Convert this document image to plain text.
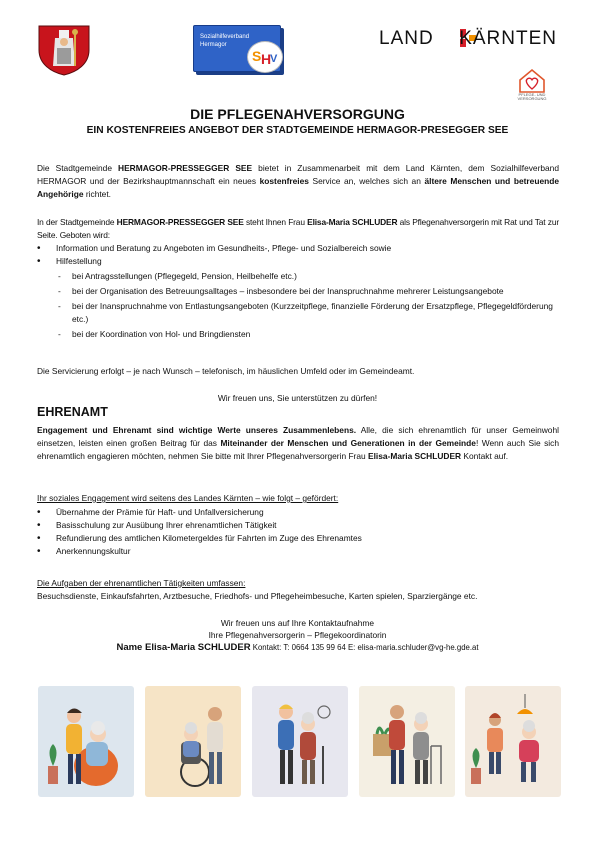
Sozialhilfeverband
Hermagor
S H
V
LAND KÄRNTEN
PFLEGE- UND VERSORGUNG
DIE PFLEGENAHVERSORGUNG
EIN KOSTENFREIES ANGEBOT DER STADTGEMEINDE HERMAGOR-PRESEGGER SEE
Die Stadtgemeinde HERMAGOR-PRESSEGGER SEE bietet in Zusammenarbeit mit dem Land Kärnten, dem Sozialhilfeverband HERMAGOR und der Bezirkshauptmannschaft ein neues kostenfreies Service an, welches sich an ältere Menschen und betreuende Angehörige richtet.
In der Stadtgemeinde HERMAGOR-PRESSEGGER SEE steht Ihnen Frau Elisa-Maria SCHLUDER als Pflegenahversorgerin mit Rat und Tat zur Seite. Geboten wird:
• Information und Beratung zu Angeboten im Gesundheits-, Pflege- und Sozialbereich sowie
• Hilfestellung
- bei Antragsstellungen (Pflegegeld, Pension, Heilbehelfe etc.)
- bei der Organisation des Betreuungsalltages – insbesondere bei der Inanspruchnahme mehrerer Leistungsangebote
- bei der Inanspruchnahme von Entlastungsangeboten (Kurzzeitpflege, finanzielle Förderung der Ersatzpflege, Pflegegeldförderung etc.)
- bei der Koordination von Hol- und Bringdiensten
Die Servicierung erfolgt – je nach Wunsch – telefonisch, im häuslichen Umfeld oder im Gemeindeamt.
Wir freuen uns, Sie unterstützen zu dürfen!
EHRENAMT
Engagement und Ehrenamt sind wichtige Werte unseres Zusammenlebens. Alle, die sich ehrenamtlich für unser Gemeinwohl einsetzen, leisten einen großen Beitrag für das Miteinander der Menschen und Generationen in der Gemeinde! Wenn auch Sie sich ehrenamtlich engagieren möchten, nehmen Sie bitte mit Ihrer Pflegenahversorgerin Frau Elisa-Maria SCHLUDER Kontakt auf.
Ihr soziales Engagement wird seitens des Landes Kärnten – wie folgt – gefördert:
• Übernahme der Prämie für Haft- und Unfallversicherung
• Basisschulung zur Ausübung Ihrer ehrenamtlichen Tätigkeit
• Refundierung des amtlichen Kilometergeldes für Fahrten im Zuge des Ehrenamtes
• Anerkennungskultur
Die Aufgaben der ehrenamtlichen Tätigkeiten umfassen:
Besuchsdienste, Einkaufsfahrten, Arztbesuche, Friedhofs- und Pflegeheimbesuche, Karten spielen, Sparziergänge etc.
Wir freuen uns auf Ihre Kontaktaufnahme
Ihre Pflegenahversorgerin – Pflegekoordinatorin
Name Elisa-Maria SCHLUDER Kontakt: T: 0664 135 99 64 E: elisa-maria.schluder@vg-he.gde.at
